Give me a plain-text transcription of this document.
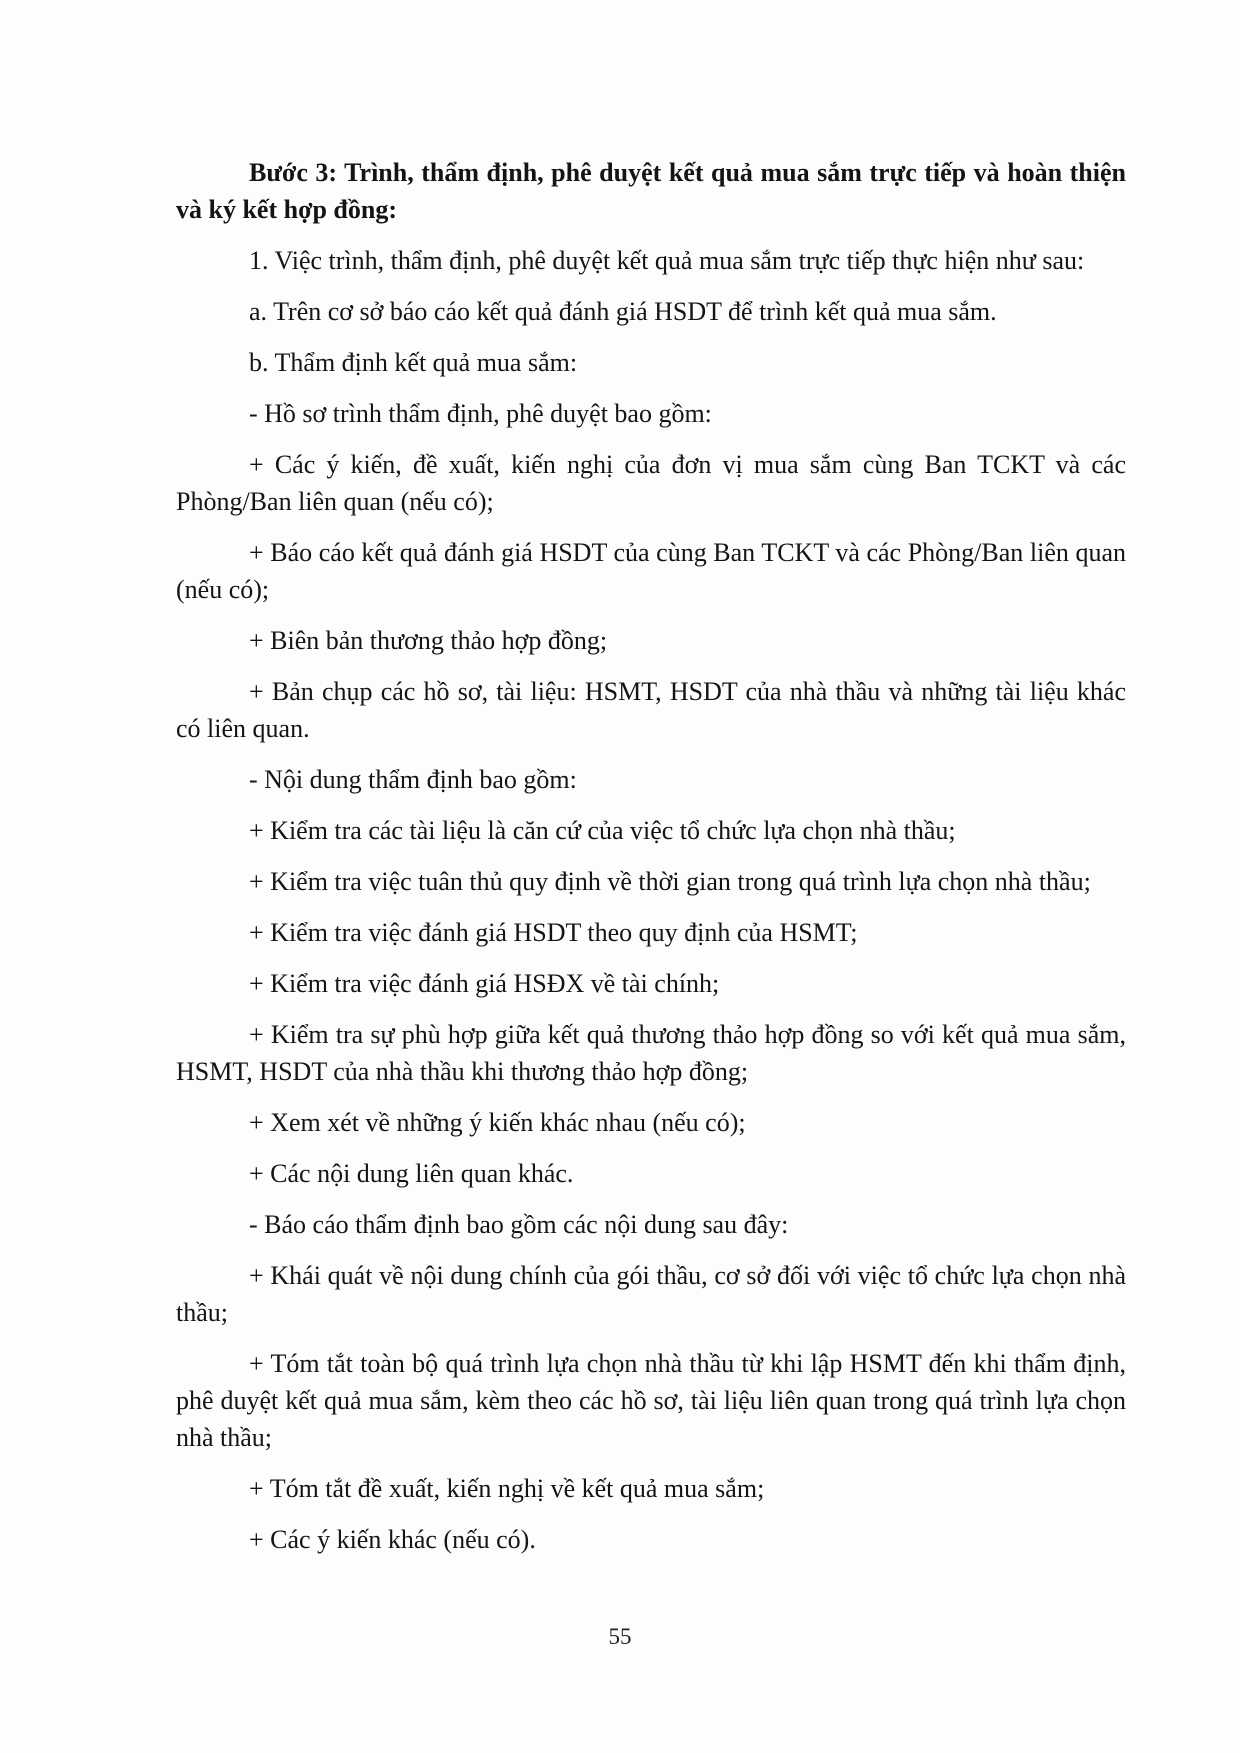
Bước 3: Trình, thẩm định, phê duyệt kết quả mua sắm trực tiếp và hoàn thiện và ký kết hợp đồng:

1. Việc trình, thẩm định, phê duyệt kết quả mua sắm trực tiếp thực hiện như sau:

a. Trên cơ sở báo cáo kết quả đánh giá HSDT để trình kết quả mua sắm.

b. Thẩm định kết quả mua sắm:

- Hồ sơ trình thẩm định, phê duyệt bao gồm:

+ Các ý kiến, đề xuất, kiến nghị của đơn vị mua sắm cùng Ban TCKT và các Phòng/Ban liên quan (nếu có);

+ Báo cáo kết quả đánh giá HSDT của cùng Ban TCKT và các Phòng/Ban liên quan (nếu có);

+ Biên bản thương thảo hợp đồng;

+ Bản chụp các hồ sơ, tài liệu: HSMT, HSDT của nhà thầu và những tài liệu khác có liên quan.

- Nội dung thẩm định bao gồm:

+ Kiểm tra các tài liệu là căn cứ của việc tổ chức lựa chọn nhà thầu;

+ Kiểm tra việc tuân thủ quy định về thời gian trong quá trình lựa chọn nhà thầu;

+ Kiểm tra việc đánh giá HSDT theo quy định của HSMT;

+ Kiểm tra việc đánh giá HSĐX về tài chính;

+ Kiểm tra sự phù hợp giữa kết quả thương thảo hợp đồng so với kết quả mua sắm, HSMT, HSDT của nhà thầu khi thương thảo hợp đồng;

+ Xem xét về những ý kiến khác nhau (nếu có);

+ Các nội dung liên quan khác.

- Báo cáo thẩm định bao gồm các nội dung sau đây:

+ Khái quát về nội dung chính của gói thầu, cơ sở đối với việc tổ chức lựa chọn nhà thầu;

+ Tóm tắt toàn bộ quá trình lựa chọn nhà thầu từ khi lập HSMT đến khi thẩm định, phê duyệt kết quả mua sắm, kèm theo các hồ sơ, tài liệu liên quan trong quá trình lựa chọn nhà thầu;

+ Tóm tắt đề xuất, kiến nghị về kết quả mua sắm;

+ Các ý kiến khác (nếu có).

55
